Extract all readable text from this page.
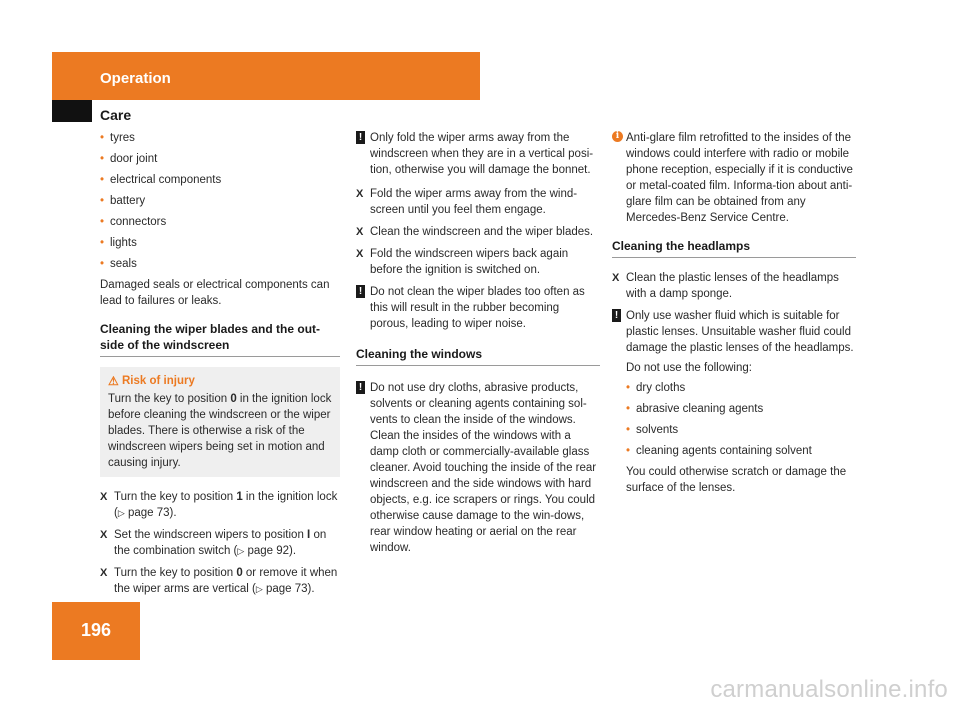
Operation
Care
• tyres
• door joint
• electrical components
• battery
• connectors
• lights
• seals

Damaged seals or electrical components can lead to failures or leaks.

Cleaning the wiper blades and the out-side of the windscreen
⚠ Risk of injury
Turn the key to position 0 in the ignition lock before cleaning the windscreen or the wiper blades. There is otherwise a risk of the windscreen wipers being set in motion and causing injury.
X Turn the key to position 1 in the ignition lock (▷ page 73).
X Set the windscreen wipers to position I on the combination switch (▷ page 92).
X Turn the key to position 0 or remove it when the wiper arms are vertical (▷ page 73).
! Only fold the wiper arms away from the windscreen when they are in a vertical posi-tion, otherwise you will damage the bonnet.
X Fold the wiper arms away from the wind-screen until you feel them engage.
X Clean the windscreen and the wiper blades.
X Fold the windscreen wipers back again before the ignition is switched on.
! Do not clean the wiper blades too often as this will result in the rubber becoming porous, leading to wiper noise.
Cleaning the windows
! Do not use dry cloths, abrasive products, solvents or cleaning agents containing sol-vents to clean the inside of the windows. Clean the insides of the windows with a damp cloth or commercially-available glass cleaner. Avoid touching the inside of the rear windscreen and the side windows with hard objects, e.g. ice scrapers or rings. You could otherwise cause damage to the win-dows, rear window heating or aerial on the rear window.
i Anti-glare film retrofitted to the insides of the windows could interfere with radio or mobile phone reception, especially if it is conductive or metal-coated film. Informa-tion about anti-glare film can be obtained from any Mercedes-Benz Service Centre.
Cleaning the headlamps
X Clean the plastic lenses of the headlamps with a damp sponge.
! Only use washer fluid which is suitable for plastic lenses. Unsuitable washer fluid could damage the plastic lenses of the headlamps.

Do not use the following:

• dry cloths
• abrasive cleaning agents
• solvents
• cleaning agents containing solvent

You could otherwise scratch or damage the surface of the lenses.

196
carmanualsonline.info
